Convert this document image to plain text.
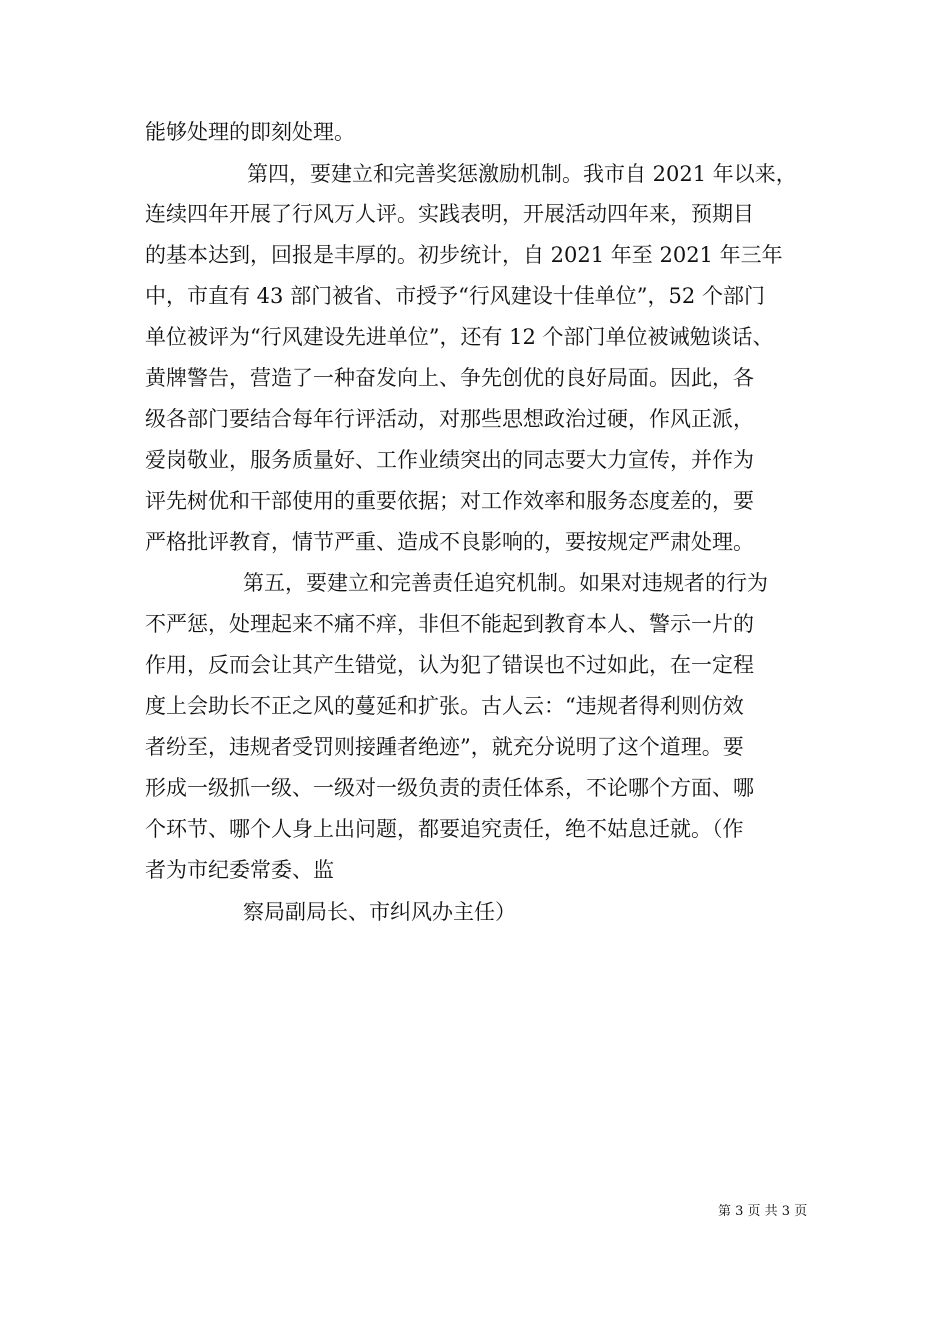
能够处理的即刻处理。
第四，要建立和完善奖惩激励机制。我市自 2021 年以来，
连续四年开展了行风万人评。实践表明，开展活动四年来，预期目
的基本达到，回报是丰厚的。初步统计，自 2021 年至 2021 年三年
中，市直有 43 部门被省、市授予“行风建设十佳单位”，52 个部门
单位被评为“行风建设先进单位”，还有 12 个部门单位被诫勉谈话、
黄牌警告，营造了一种奋发向上、争先创优的良好局面。因此，各
级各部门要结合每年行评活动，对那些思想政治过硬，作风正派，
爱岗敬业，服务质量好、工作业绩突出的同志要大力宣传，并作为
评先树优和干部使用的重要依据；对工作效率和服务态度差的，要
严格批评教育，情节严重、造成不良影响的，要按规定严肃处理。
第五，要建立和完善责任追究机制。如果对违规者的行为
不严惩，处理起来不痛不痒，非但不能起到教育本人、警示一片的
作用，反而会让其产生错觉，认为犯了错误也不过如此，在一定程
度上会助长不正之风的蔓延和扩张。古人云：“违规者得利则仿效
者纷至，违规者受罚则接踵者绝迹”，就充分说明了这个道理。要
形成一级抓一级、一级对一级负责的责任体系，不论哪个方面、哪
个环节、哪个人身上出问题，都要追究责任，绝不姑息迁就。（作
者为市纪委常委、监
察局副局长、市纠风办主任）
第 3 页 共 3 页
